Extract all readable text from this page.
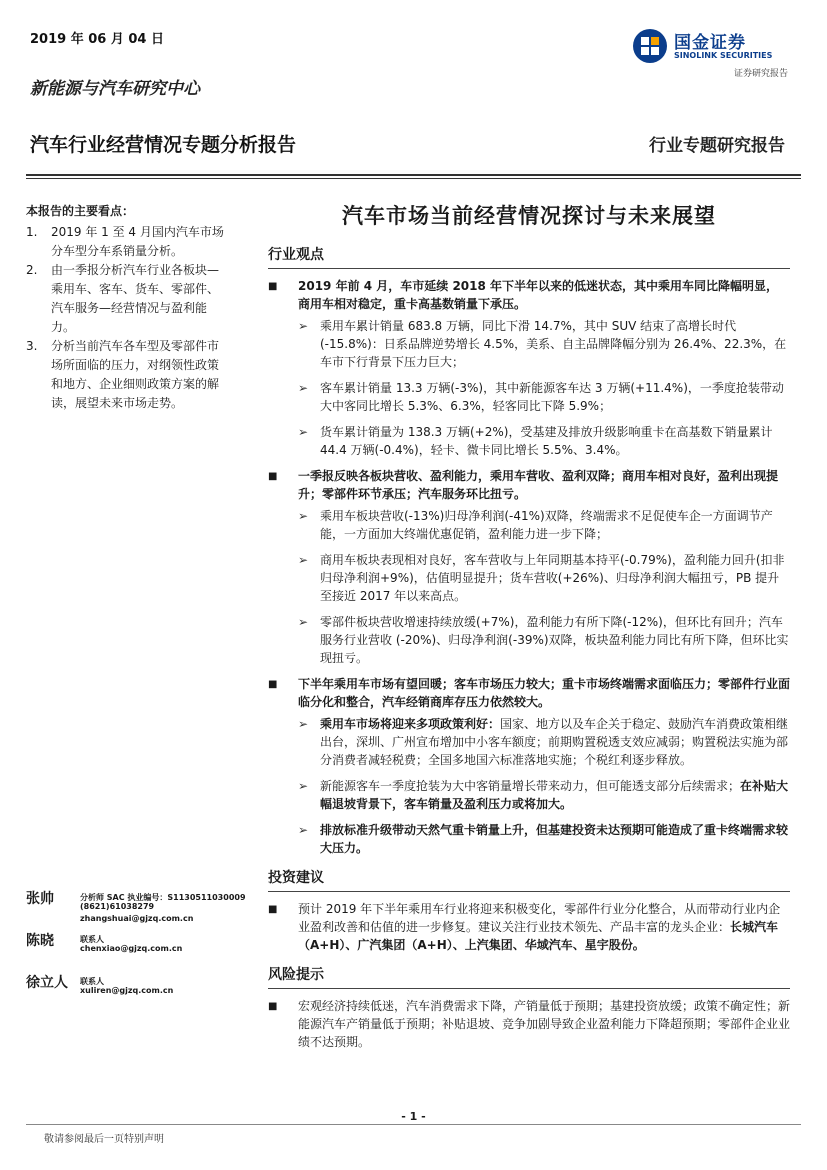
2019 年 06 月 04 日
新能源与汽车研究中心
汽车行业经营情况专题分析报告	行业专题研究报告
国金证券
SINOLINK SECURITIES
证券研究报告
本报告的主要看点：
1.	2019 年 1 至 4 月国内汽车市场分车型分车系销量分析。
2.	由一季报分析汽车行业各板块—乘用车、客车、货车、零部件、汽车服务—经营情况与盈利能力。
3.	分析当前汽车各车型及零部件市场所面临的压力，对纲领性政策和地方、企业细则政策方案的解读，展望未来市场走势。
汽车市场当前经营情况探讨与未来展望
行业观点
■	2019 年前 4 月，车市延续 2018 年下半年以来的低迷状态，其中乘用车同比降幅明显，商用车相对稳定，重卡高基数销量下承压。
➢ 乘用车累计销量 683.8 万辆，同比下滑 14.7%，其中 SUV 结束了高增长时代(-15.8%)：日系品牌逆势增长 4.5%，美系、自主品牌降幅分别为 26.4%、22.3%，在车市下行背景下压力巨大；
➢ 客车累计销量 13.3 万辆(-3%)，其中新能源客车达 3 万辆(+11.4%)，一季度抢装带动大中客同比增长 5.3%、6.3%，轻客同比下降 5.9%；
➢ 货车累计销量为 138.3 万辆(+2%)，受基建及排放升级影响重卡在高基数下销量累计 44.4 万辆(-0.4%)，轻卡、微卡同比增长 5.5%、3.4%。
■	一季报反映各板块营收、盈利能力，乘用车营收、盈利双降；商用车相对良好，盈利出现提升；零部件环节承压；汽车服务环比扭亏。
➢ 乘用车板块营收(-13%)归母净利润(-41%)双降，终端需求不足促使车企一方面调节产能，一方面加大终端优惠促销，盈利能力进一步下降；
➢ 商用车板块表现相对良好，客车营收与上年同期基本持平(-0.79%)，盈利能力回升(扣非归母净利润+9%)，估值明显提升；货车营收(+26%)、归母净利润大幅扭亏，PB 提升至接近 2017 年以来高点。
➢ 零部件板块营收增速持续放缓(+7%)，盈利能力有所下降(-12%)，但环比有回升；汽车服务行业营收 (-20%)、归母净利润(-39%)双降，板块盈利能力同比有所下降，但环比实现扭亏。
■	下半年乘用车市场有望回暖；客车市场压力较大；重卡市场终端需求面临压力；零部件行业面临分化和整合，汽车经销商库存压力依然较大。
➢ 乘用车市场将迎来多项政策利好：国家、地方以及车企关于稳定、鼓励汽车消费政策相继出台，深圳、广州宣布增加中小客车额度；前期购置税透支效应减弱；购置税法实施为部分消费者减轻税费；全国多地国六标准落地实施；个税红利逐步释放。
➢ 新能源客车一季度抢装为大中客销量增长带来动力，但可能透支部分后续需求；在补贴大幅退坡背景下，客车销量及盈利压力或将加大。
➢ 排放标准升级带动天然气重卡销量上升，但基建投资未达预期可能造成了重卡终端需求较大压力。
投资建议
■	预计 2019 年下半年乘用车行业将迎来积极变化，零部件行业分化整合，从而带动行业内企业盈利改善和估值的进一步修复。建议关注行业技术领先、产品丰富的龙头企业：长城汽车（A+H）、广汽集团（A+H）、上汽集团、华域汽车、星宇股份。
风险提示
■	宏观经济持续低迷，汽车消费需求下降，产销量低于预期；基建投资放缓；政策不确定性；新能源汽车产销量低于预期；补贴退坡、竞争加剧导致企业盈利能力下降超预期；零部件企业业绩不达预期。
张帅	分析师 SAC 执业编号：S1130511030009
(8621)61038279
zhangshuai@gjzq.com.cn
陈晓	联系人
chenxiao@gjzq.com.cn
徐立人 联系人
xuliren@gjzq.com.cn
- 1 -
敬请参阅最后一页特别声明
